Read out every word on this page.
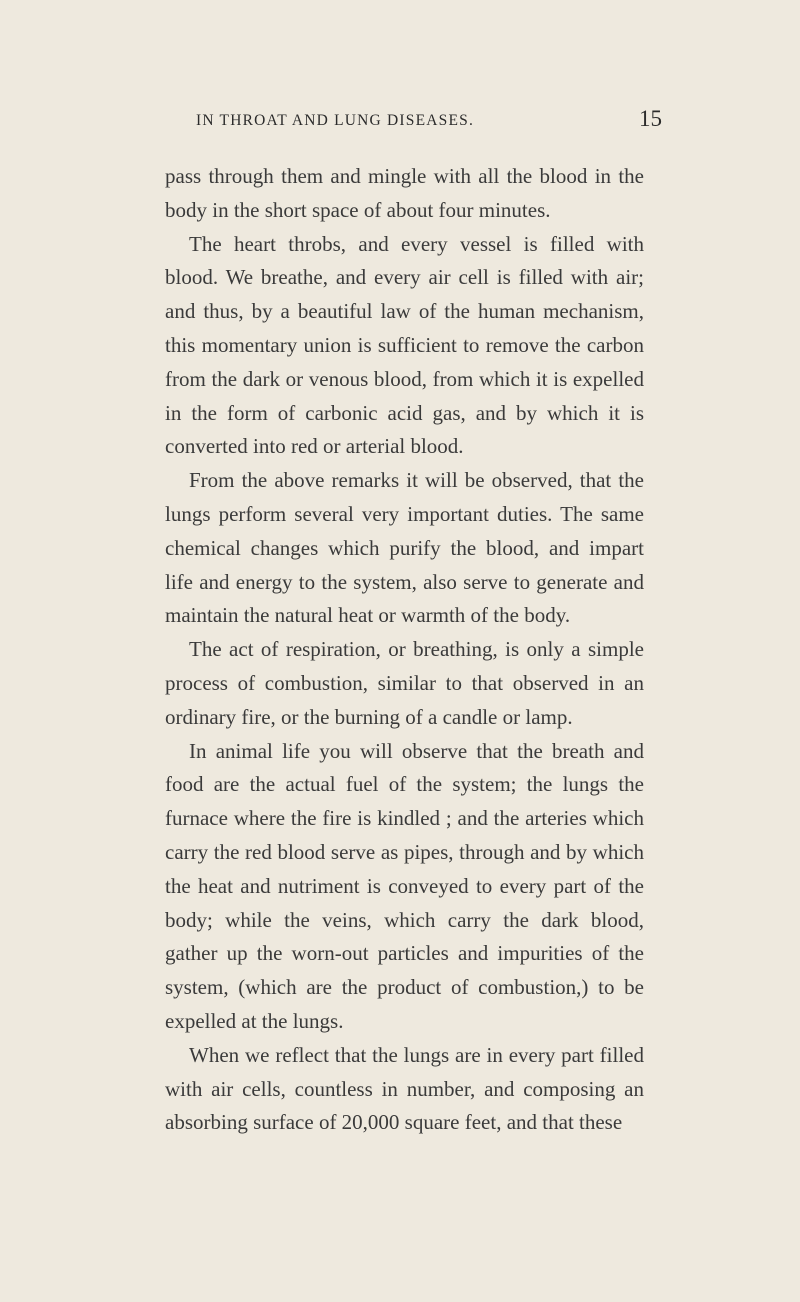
IN THROAT AND LUNG DISEASES.	15

pass through them and mingle with all the blood in the body in the short space of about four minutes.

The heart throbs, and every vessel is filled with blood. We breathe, and every air cell is filled with air; and thus, by a beautiful law of the human mechanism, this momentary union is sufficient to remove the carbon from the dark or venous blood, from which it is expelled in the form of carbonic acid gas, and by which it is converted into red or arterial blood.

From the above remarks it will be observed, that the lungs perform several very important duties. The same chemical changes which purify the blood, and impart life and energy to the system, also serve to generate and maintain the natural heat or warmth of the body.

The act of respiration, or breathing, is only a simple process of combustion, similar to that observed in an ordinary fire, or the burning of a candle or lamp.

In animal life you will observe that the breath and food are the actual fuel of the system; the lungs the furnace where the fire is kindled ; and the arteries which carry the red blood serve as pipes, through and by which the heat and nutriment is conveyed to every part of the body; while the veins, which carry the dark blood, gather up the worn-out particles and impurities of the system, (which are the product of combustion,) to be expelled at the lungs.

When we reflect that the lungs are in every part filled with air cells, countless in number, and composing an absorbing surface of 20,000 square feet, and that these
